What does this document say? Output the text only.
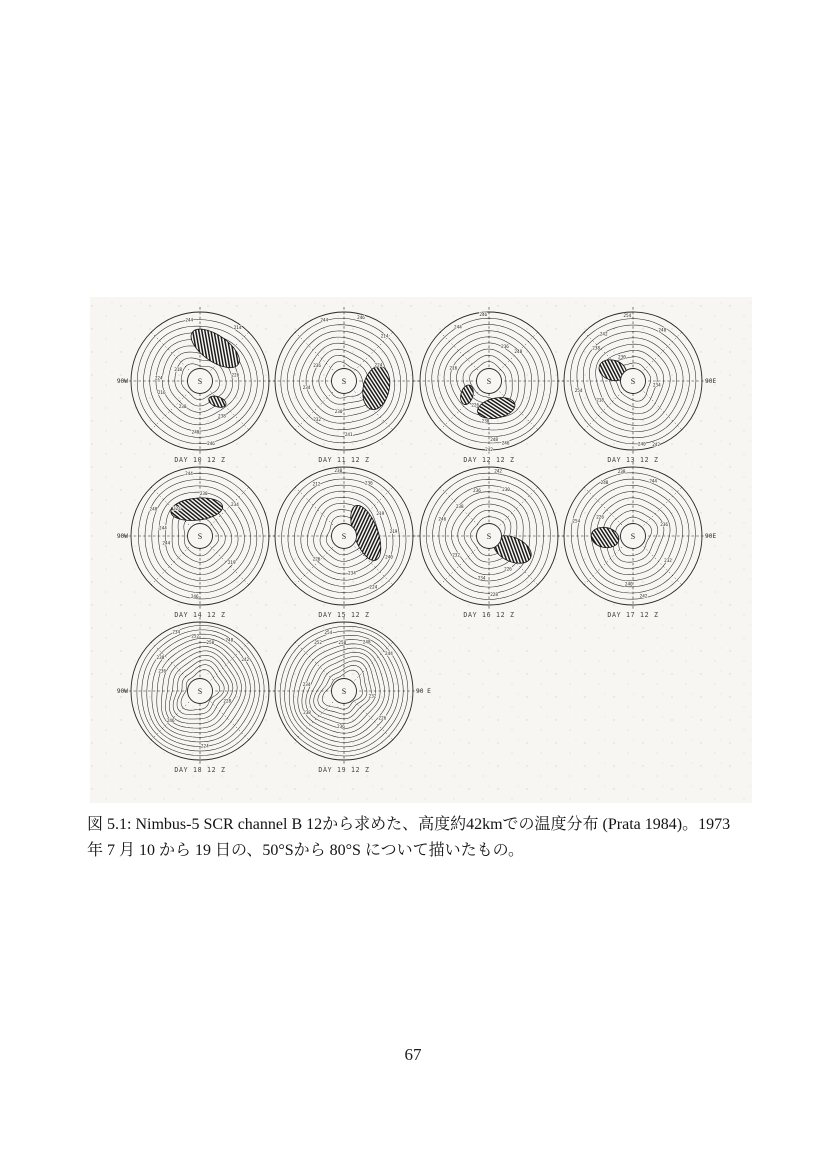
S
244
214
224
218
216
226
230
240
246
238
DAY 10 12 Z
90W	S
244	246
214
236
234
230
241
232
224
DAY 11 12 Z
S
246
244
236
240
216
230
226
248
246
242
DAY 12 12 Z
S
254
248
242
238
230
234
218
254
240 242
DAY 13 12 Z
90E
S
244
230
224
234
244
219
246
240
244
DAY 14 12 Z
90W	S
212
219
230
236
226	240
234
224
219
DAY 15 12 Z
S
242
236	230
238
246
232
234
226
228
DAY 16 12 Z
S
238
248	244
226
236
240
242
254
232
DAY 17 12 Z
90E
S
234
252
250	248
238
236
228
224
242
246
DAY 18 12 Z
90W	S
254
252	250	248
244
234
236
226
232
238
DAY 19 12 Z
90 E
図 5.1: Nimbus-5 SCR channel B 12から求めた、高度約42kmでの温度分布 (Prata 1984)。1973
年 7 月 10 から 19 日の、50°Sから 80°S について描いたもの。
67
